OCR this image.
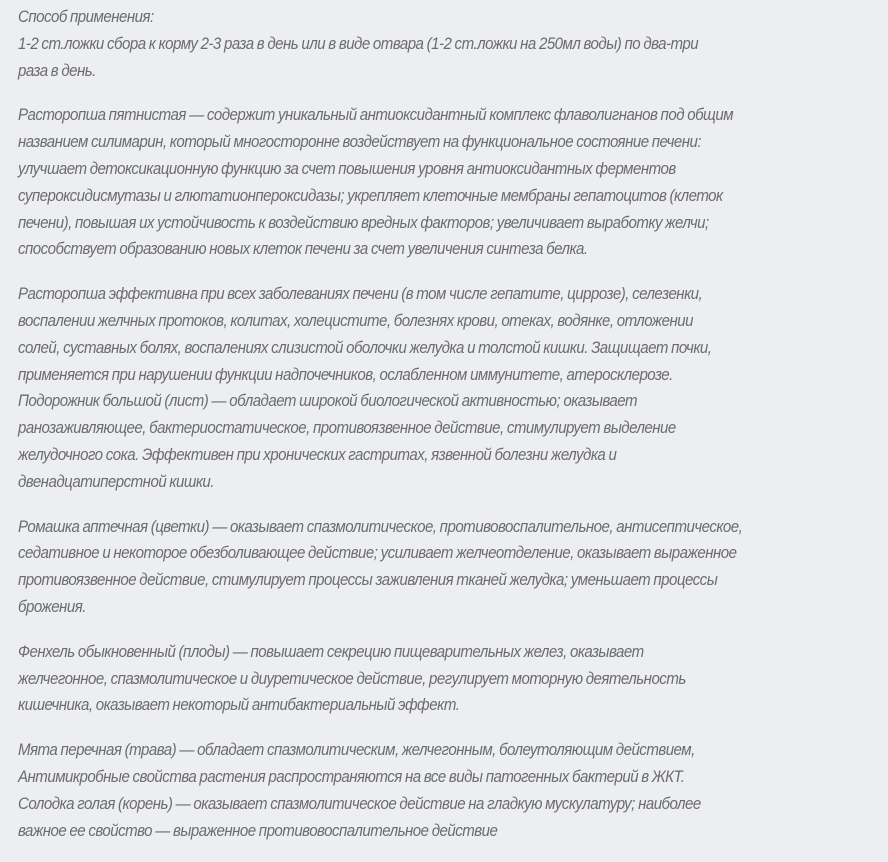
Способ применения:
1-2 ст.ложки сбора к корму 2-3 раза в день или в виде отвара (1-2 ст.ложки на 250мл воды) по два-три
раза в день.

Расторопша пятнистая — содержит уникальный антиоксидантный комплекс флаволигнанов под общим
названием силимарин, который многосторонне воздействует на функциональное состояние печени:
улучшает детоксикационную функцию за счет повышения уровня антиоксидантных ферментов
супероксидисмутазы и глютатионпероксидазы; укрепляет клеточные мембраны гепатоцитов (клеток
печени), повышая их устойчивость к воздействию вредных факторов; увеличивает выработку желчи;
способствует образованию новых клеток печени за счет увеличения синтеза белка.

Расторопша эффективна при всех заболеваниях печени (в том числе гепатите, циррозе), селезенки,
воспалении желчных протоков, колитах, холецистите, болезнях крови, отеках, водянке, отложении
солей, суставных болях, воспалениях слизистой оболочки желудка и толстой кишки. Защищает почки,
применяется при нарушении функции надпочечников, ослабленном иммунитете, атеросклерозе.
Подорожник большой (лист) — обладает широкой биологической активностью; оказывает
ранозаживляющее, бактериостатическое, противоязвенное действие, стимулирует выделение
желудочного сока. Эффективен при хронических гастритах, язвенной болезни желудка и
двенадцатиперстной кишки.

Ромашка аптечная (цветки) — оказывает спазмолитическое, противовоспалительное, антисептическое,
седативное и некоторое обезболивающее действие; усиливает желчеотделение, оказывает выраженное
противоязвенное действие, стимулирует процессы заживления тканей желудка; уменьшает процессы
брожения.

Фенхель обыкновенный (плоды) — повышает секрецию пищеварительных желез, оказывает
желчегонное, спазмолитическое и диуретическое действие, регулирует моторную деятельность
кишечника, оказывает некоторый антибактериальный эффект.

Мята перечная (трава) — обладает спазмолитическим, желчегонным, болеутоляющим действием,
Антимикробные свойства растения распространяются на все виды патогенных бактерий в ЖКТ.
Солодка голая (корень) — оказывает спазмолитическое действие на гладкую мускулатуру; наиболее
важное ее свойство — выраженное противовоспалительное действие
